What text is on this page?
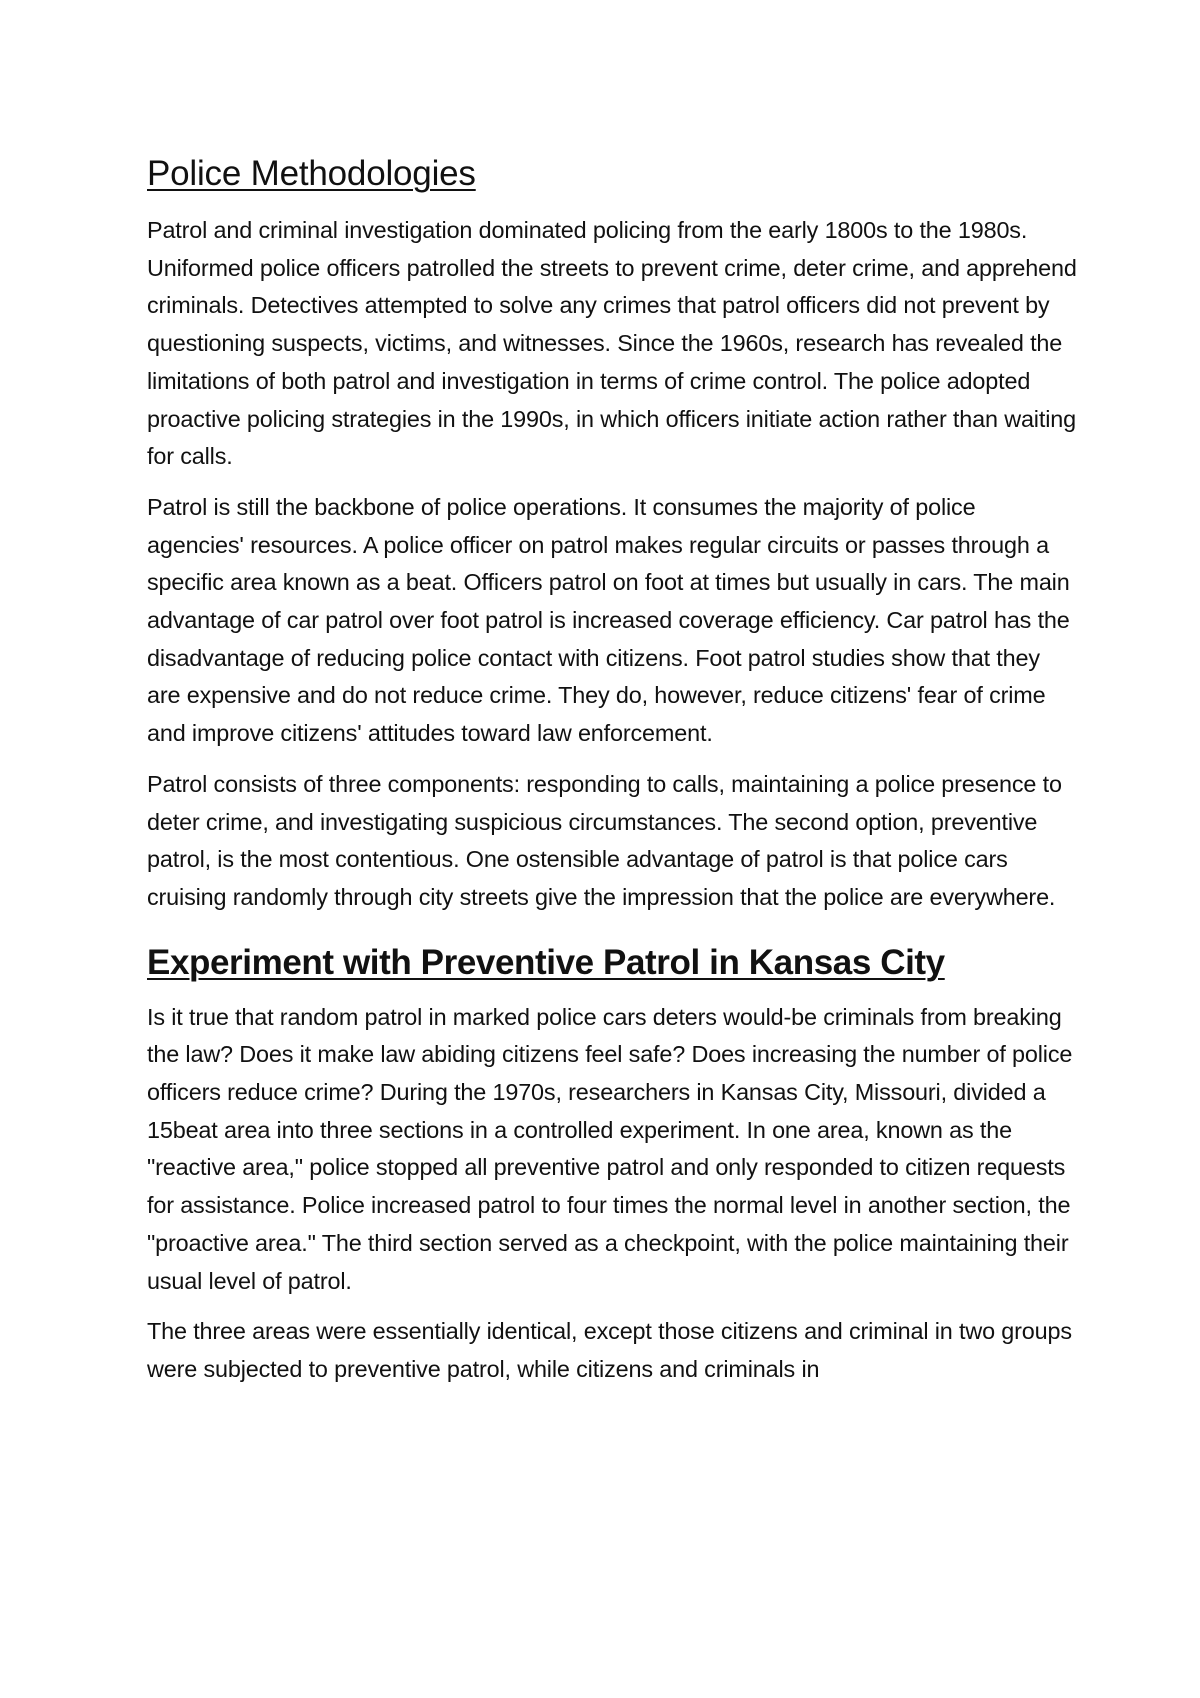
Police Methodologies

Patrol and criminal investigation dominated policing from the early 1800s to the 1980s. Uniformed police officers patrolled the streets to prevent crime, deter crime, and apprehend criminals. Detectives attempted to solve any crimes that patrol officers did not prevent by questioning suspects, victims, and witnesses. Since the 1960s, research has revealed the limitations of both patrol and investigation in terms of crime control. The police adopted proactive policing strategies in the 1990s, in which officers initiate action rather than waiting for calls.

Patrol is still the backbone of police operations. It consumes the majority of police agencies' resources. A police officer on patrol makes regular circuits or passes through a specific area known as a beat. Officers patrol on foot at times but usually in cars. The main advantage of car patrol over foot patrol is increased coverage efficiency. Car patrol has the disadvantage of reducing police contact with citizens. Foot patrol studies show that they are expensive and do not reduce crime. They do, however, reduce citizens' fear of crime and improve citizens' attitudes toward law enforcement.

Patrol consists of three components: responding to calls, maintaining a police presence to deter crime, and investigating suspicious circumstances. The second option, preventive patrol, is the most contentious. One ostensible advantage of patrol is that police cars cruising randomly through city streets give the impression that the police are everywhere.

Experiment with Preventive Patrol in Kansas City

Is it true that random patrol in marked police cars deters would-be criminals from breaking the law? Does it make law abiding citizens feel safe? Does increasing the number of police officers reduce crime? During the 1970s, researchers in Kansas City, Missouri, divided a 15beat area into three sections in a controlled experiment. In one area, known as the "reactive area," police stopped all preventive patrol and only responded to citizen requests for assistance. Police increased patrol to four times the normal level in another section, the "proactive area." The third section served as a checkpoint, with the police maintaining their usual level of patrol.

The three areas were essentially identical, except those citizens and criminal in two groups were subjected to preventive patrol, while citizens and criminals in
